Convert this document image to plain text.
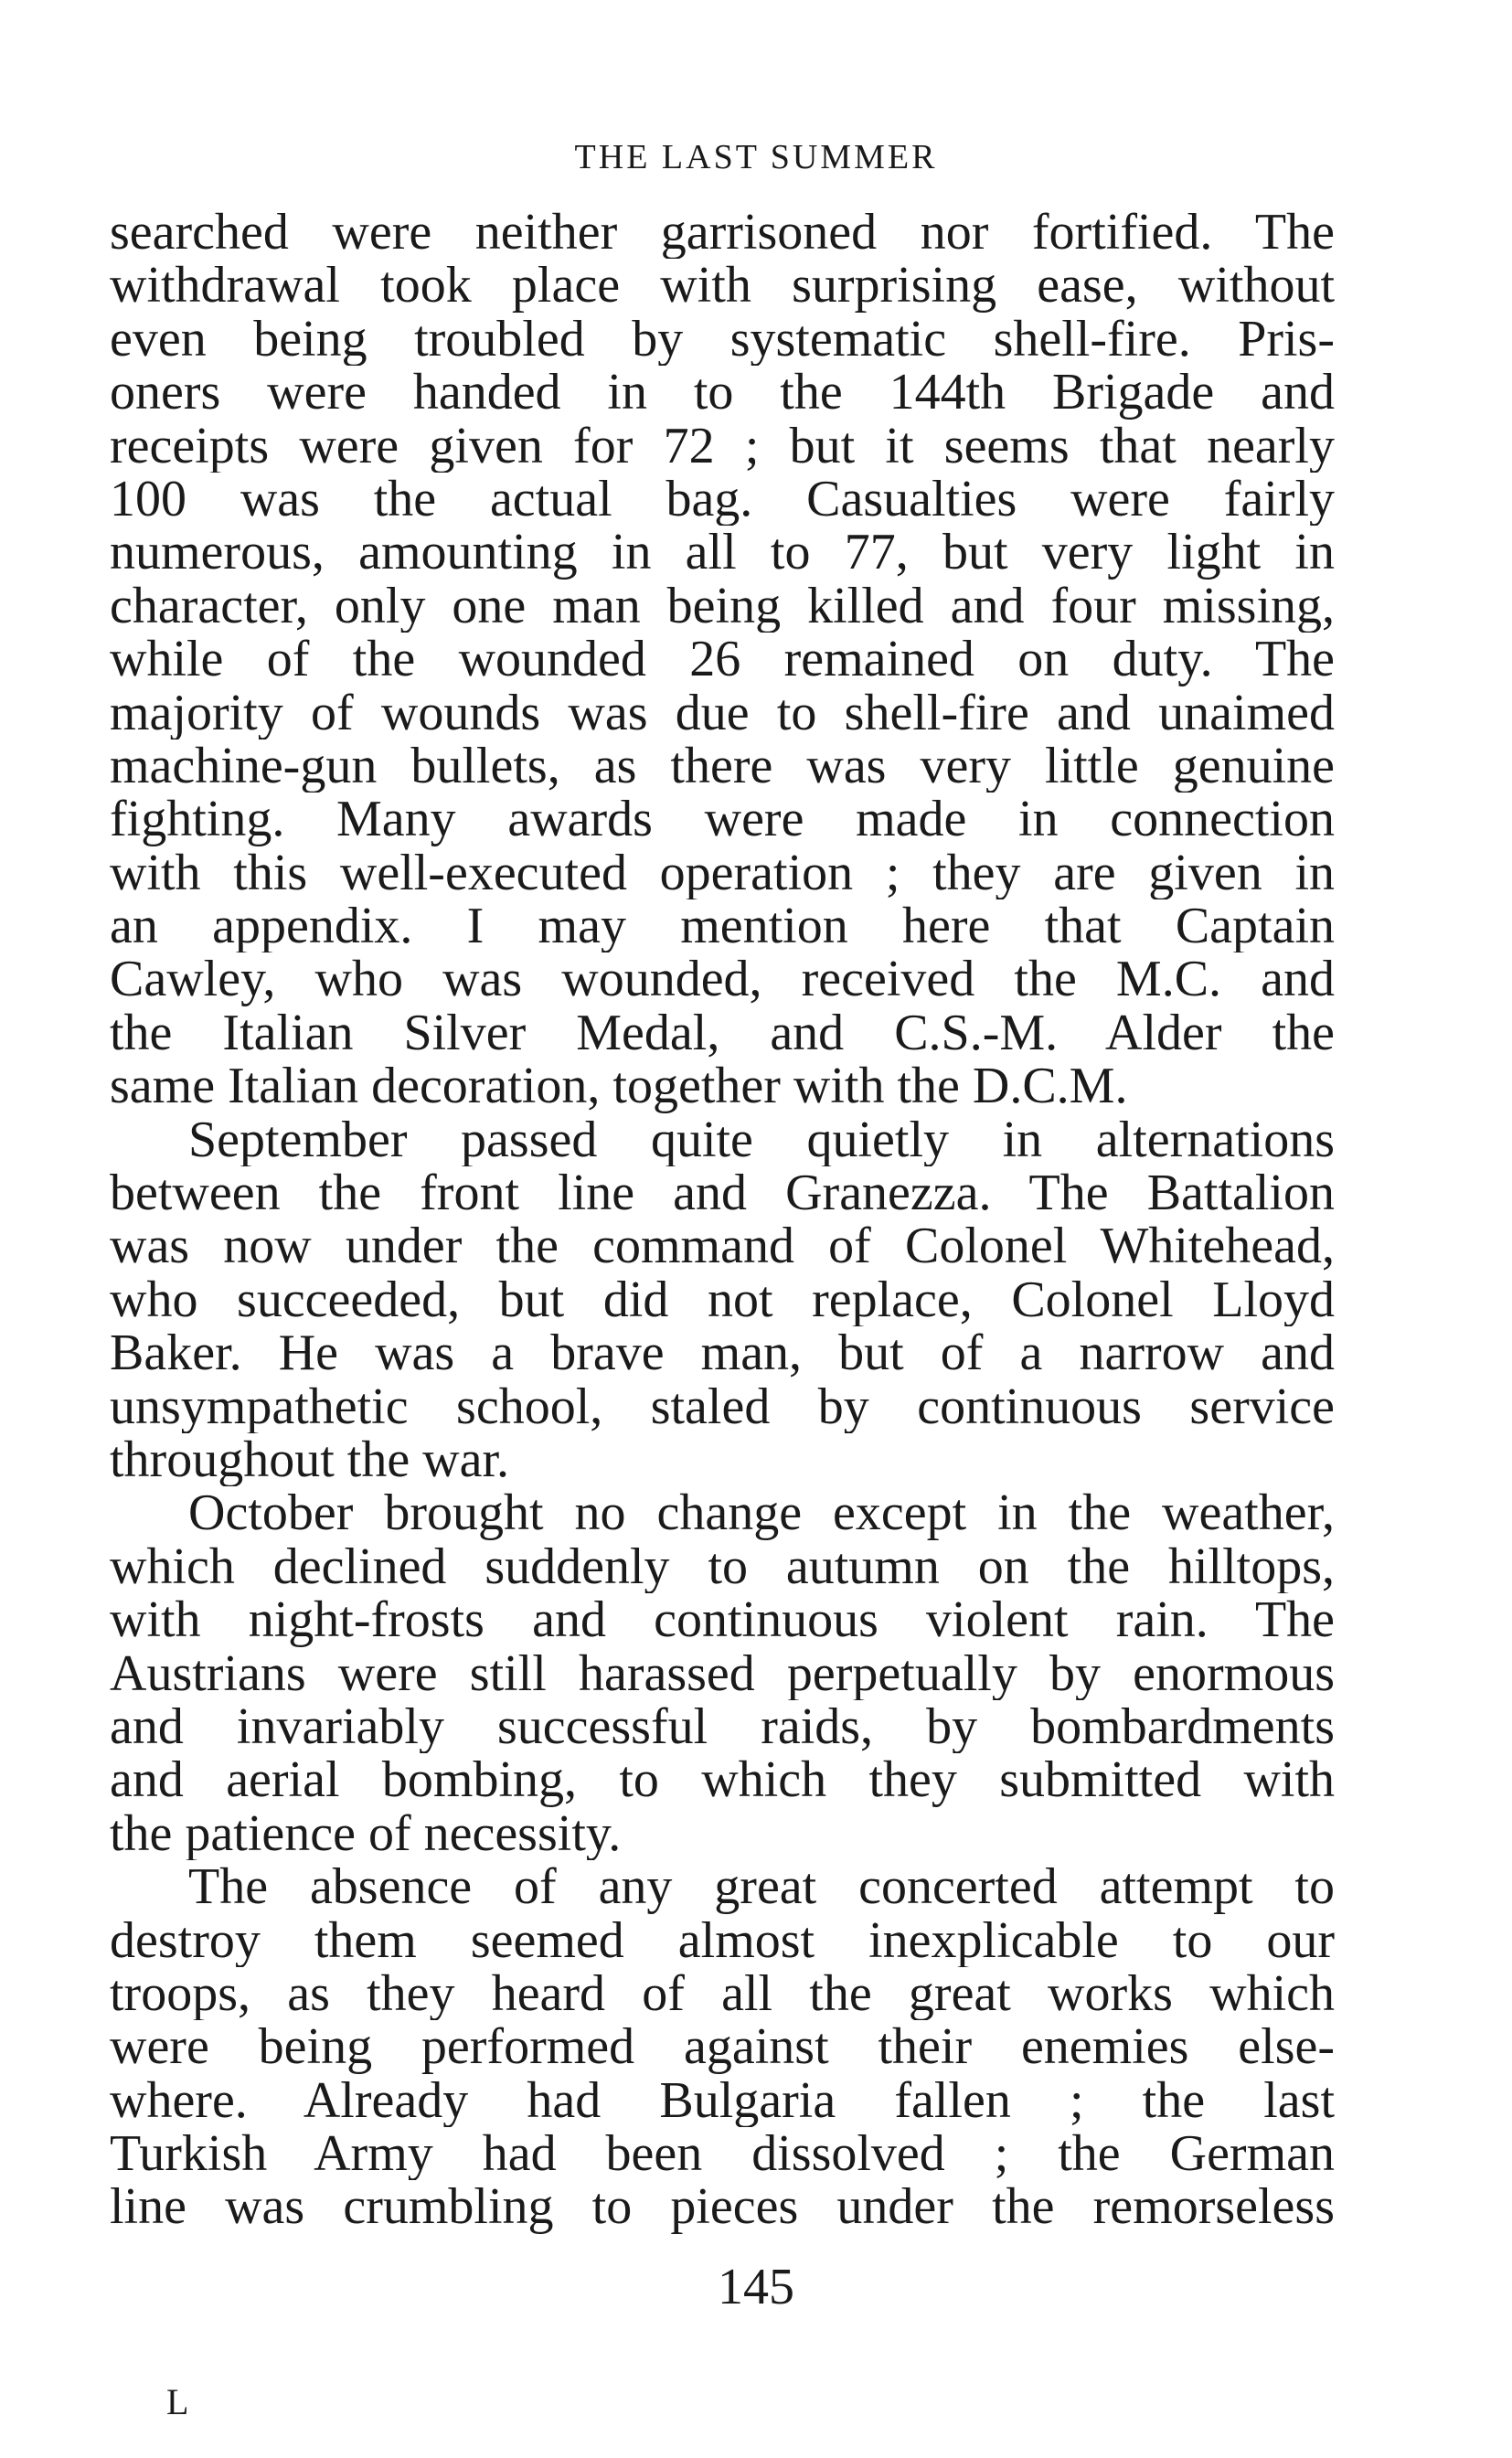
THE LAST SUMMER
searched were neither garrisoned nor fortified. The
withdrawal took place with surprising ease, without
even being troubled by systematic shell-fire. Pris-
oners were handed in to the 144th Brigade and
receipts were given for 72 ; but it seems that nearly
100 was the actual bag. Casualties were fairly
numerous, amounting in all to 77, but very light in
character, only one man being killed and four missing,
while of the wounded 26 remained on duty. The
majority of wounds was due to shell-fire and unaimed
machine-gun bullets, as there was very little genuine
fighting. Many awards were made in connection
with this well-executed operation ; they are given in
an appendix. I may mention here that Captain
Cawley, who was wounded, received the M.C. and
the Italian Silver Medal, and C.S.-M. Alder the
same Italian decoration, together with the D.C.M.
September passed quite quietly in alternations
between the front line and Granezza. The Battalion
was now under the command of Colonel Whitehead,
who succeeded, but did not replace, Colonel Lloyd
Baker. He was a brave man, but of a narrow and
unsympathetic school, staled by continuous service
throughout the war.
October brought no change except in the weather,
which declined suddenly to autumn on the hilltops,
with night-frosts and continuous violent rain. The
Austrians were still harassed perpetually by enormous
and invariably successful raids, by bombardments
and aerial bombing, to which they submitted with
the patience of necessity.
The absence of any great concerted attempt to
destroy them seemed almost inexplicable to our
troops, as they heard of all the great works which
were being performed against their enemies else-
where. Already had Bulgaria fallen ; the last
Turkish Army had been dissolved ; the German
line was crumbling to pieces under the remorseless
145
L
